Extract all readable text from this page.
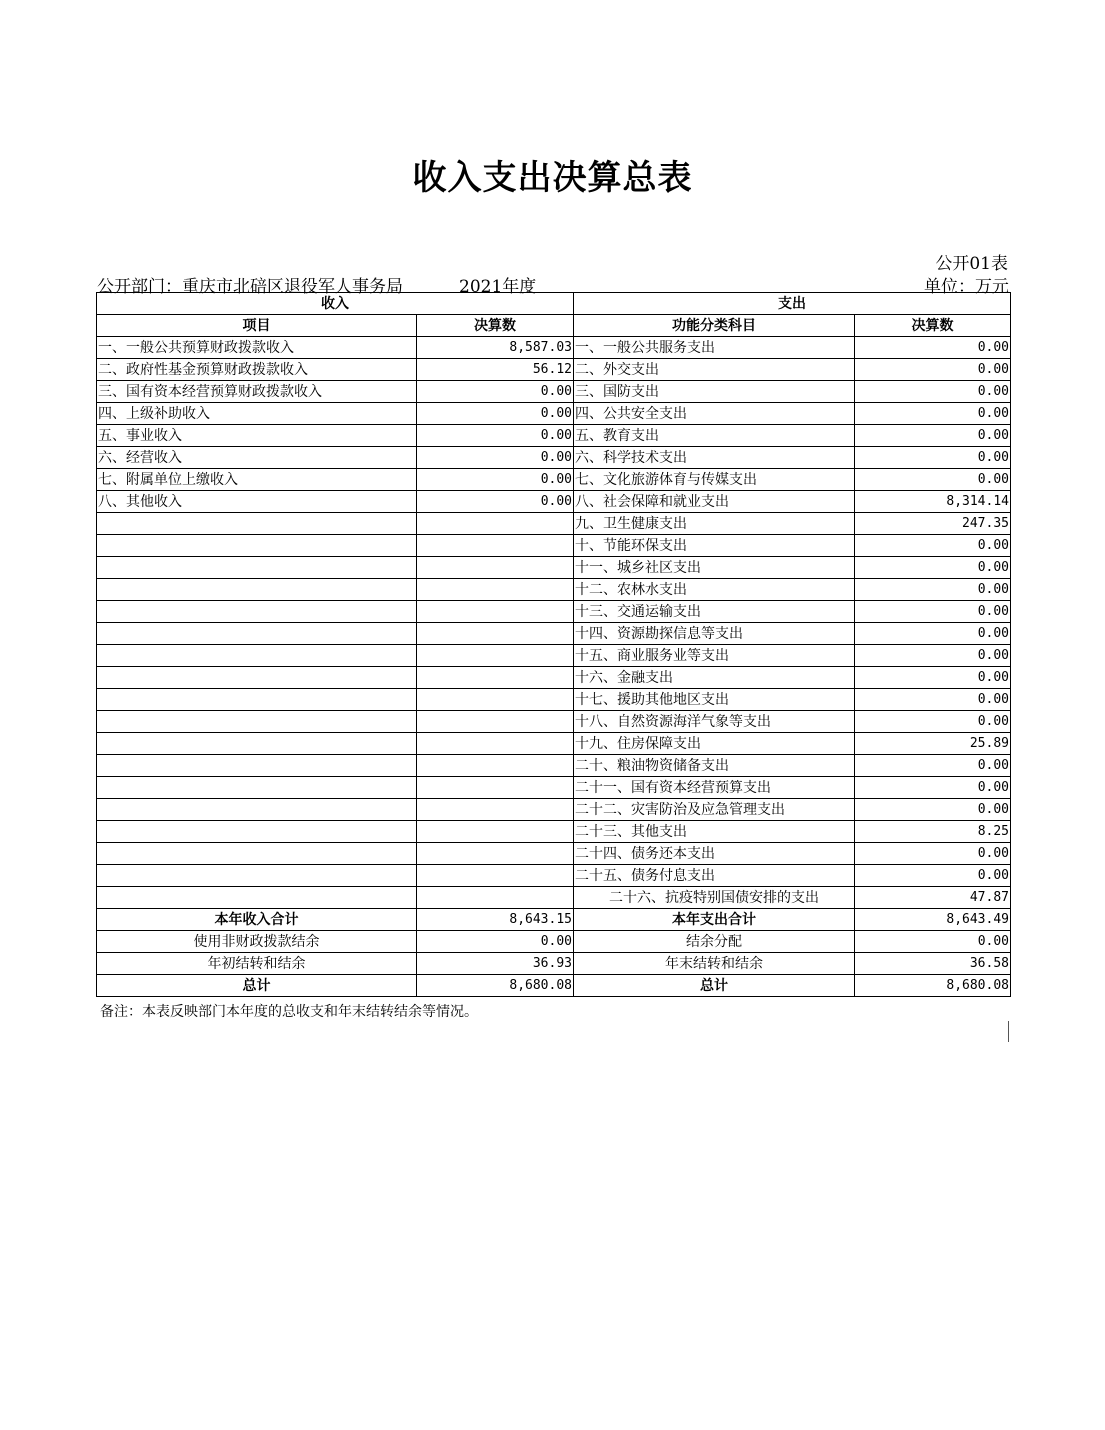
收入支出决算总表
公开01表
公开部门：重庆市北碚区退役军人事务局	2021年度	单位：万元
收入		支出	
项目	决算数	功能分类科目	决算数
一、一般公共预算财政拨款收入	8,587.03	一、一般公共服务支出	0.00
二、政府性基金预算财政拨款收入	56.12	二、外交支出	0.00
三、国有资本经营预算财政拨款收入	0.00	三、国防支出	0.00
四、上级补助收入	0.00	四、公共安全支出	0.00
五、事业收入	0.00	五、教育支出	0.00
六、经营收入	0.00	六、科学技术支出	0.00
七、附属单位上缴收入	0.00	七、文化旅游体育与传媒支出	0.00
八、其他收入	0.00	八、社会保障和就业支出	8,314.14
		九、卫生健康支出	247.35
		十、节能环保支出	0.00
		十一、城乡社区支出	0.00
		十二、农林水支出	0.00
		十三、交通运输支出	0.00
		十四、资源勘探信息等支出	0.00
		十五、商业服务业等支出	0.00
		十六、金融支出	0.00
		十七、援助其他地区支出	0.00
		十八、自然资源海洋气象等支出	0.00
		十九、住房保障支出	25.89
		二十、粮油物资储备支出	0.00
		二十一、国有资本经营预算支出	0.00
		二十二、灾害防治及应急管理支出	0.00
		二十三、其他支出	8.25
		二十四、债务还本支出	0.00
		二十五、债务付息支出	0.00
		二十六、抗疫特别国债安排的支出	47.87
本年收入合计	8,643.15	本年支出合计	8,643.49
使用非财政拨款结余	0.00	结余分配	0.00
年初结转和结余	36.93	年末结转和结余	36.58
总计	8,680.08	总计	8,680.08
备注：本表反映部门本年度的总收支和年末结转结余等情况。
